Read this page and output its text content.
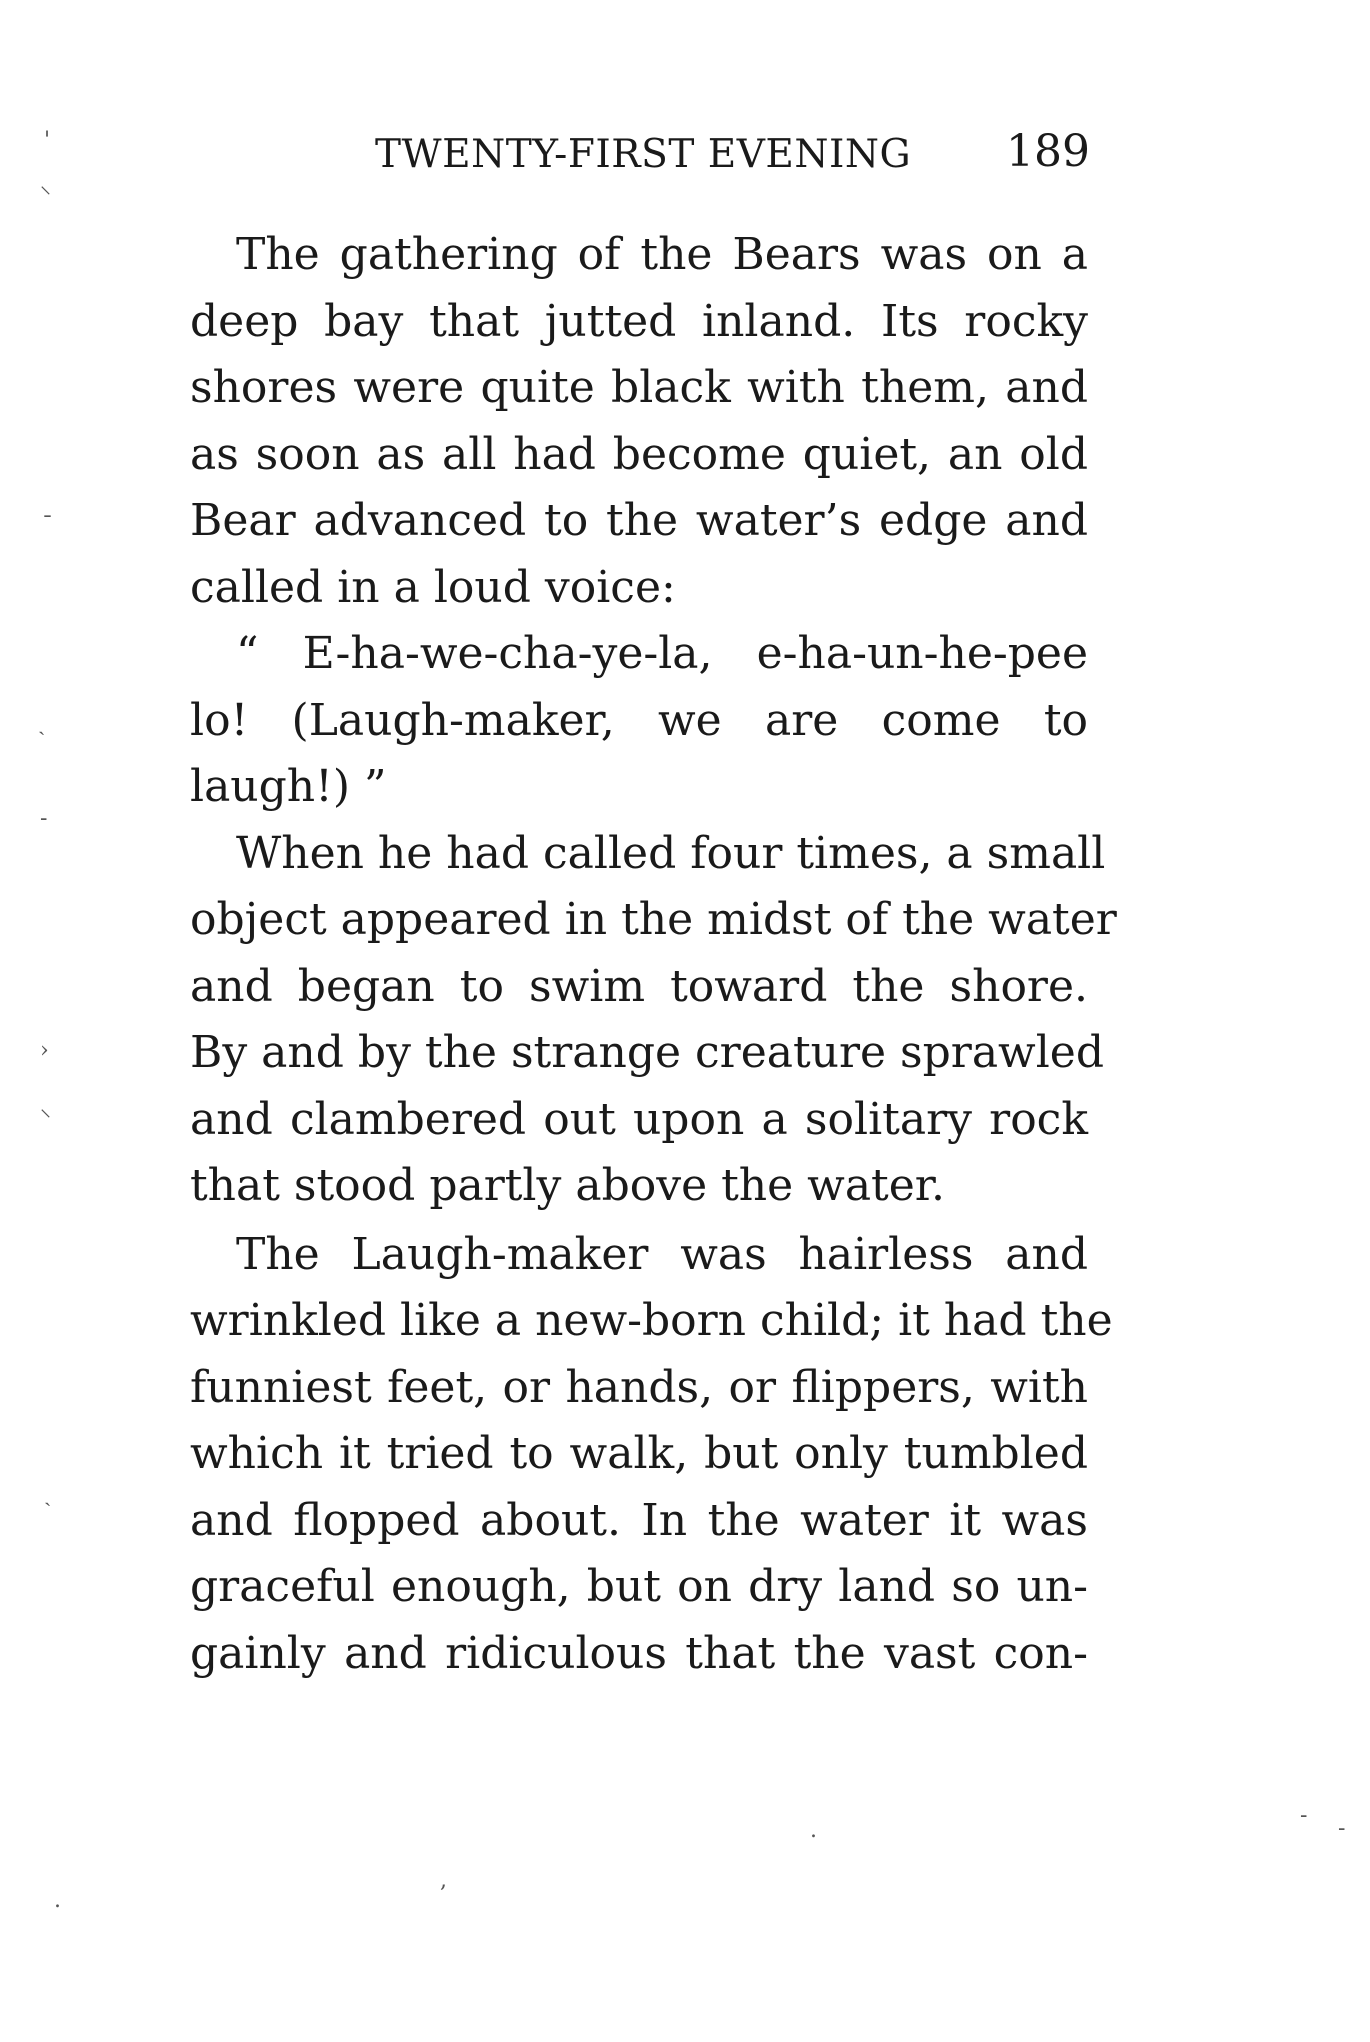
TWENTY-FIRST EVENING 189
The gathering of the Bears was on a
deep bay that jutted inland. Its rocky
shores were quite black with them, and
as soon as all had become quiet, an old
Bear advanced to the water’s edge and
called in a loud voice:
“ E-ha-we-cha-ye-la, e-ha-un-he-pee
lo! (Laugh-maker, we are come to
laugh!) ”
When he had called four times, a small
object appeared in the midst of the water
and began to swim toward the shore.
By and by the strange creature sprawled
and clambered out upon a solitary rock
that stood partly above the water.
The Laugh-maker was hairless and
wrinkled like a new-born child; it had the
funniest feet, or hands, or flippers, with
which it tried to walk, but only tumbled
and flopped about. In the water it was
graceful enough, but on dry land so un-
gainly and ridiculous that the vast con-
'
⸌
ˉ
ˎ
-
›
⸌
ˎ
.
,
.
-
-
